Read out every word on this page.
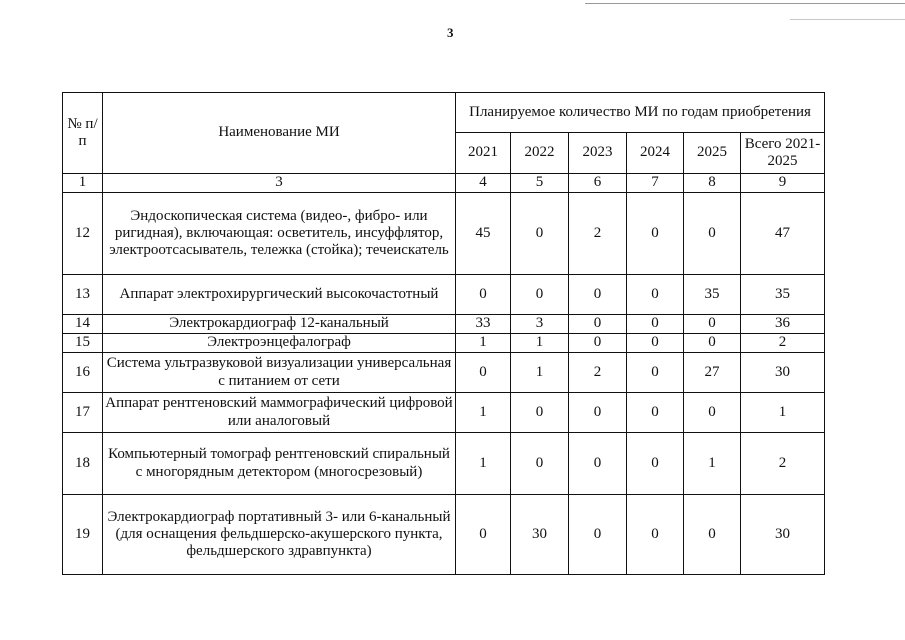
3
№ п/п	Наименование МИ	Планируемое количество МИ по годам приобретения					
		2021	2022	2023	2024	2025	Всего 2021-2025
1	3	4	5	6	7	8	9
12	Эндоскопическая система (видео-, фибро- или ригидная), включающая: осветитель, инсуффлятор, электроотсасыватель, тележка (стойка); течеискатель	45	0	2	0	0	47
13	Аппарат электрохирургический высокочастотный	0	0	0	0	35	35
14	Электрокардиограф 12-канальный	33	3	0	0	0	36
15	Электроэнцефалограф	1	1	0	0	0	2
16	Система ультразвуковой визуализации универсальная с питанием от сети	0	1	2	0	27	30
17	Аппарат рентгеновский маммографический цифровой или аналоговый	1	0	0	0	0	1
18	Компьютерный томограф рентгеновский спиральный с многорядным детектором (многосрезовый)	1	0	0	0	1	2
19	Электрокардиограф портативный 3- или 6-канальный (для оснащения фельдшерско-акушерского пункта, фельдшерского здравпункта)	0	30	0	0	0	30
